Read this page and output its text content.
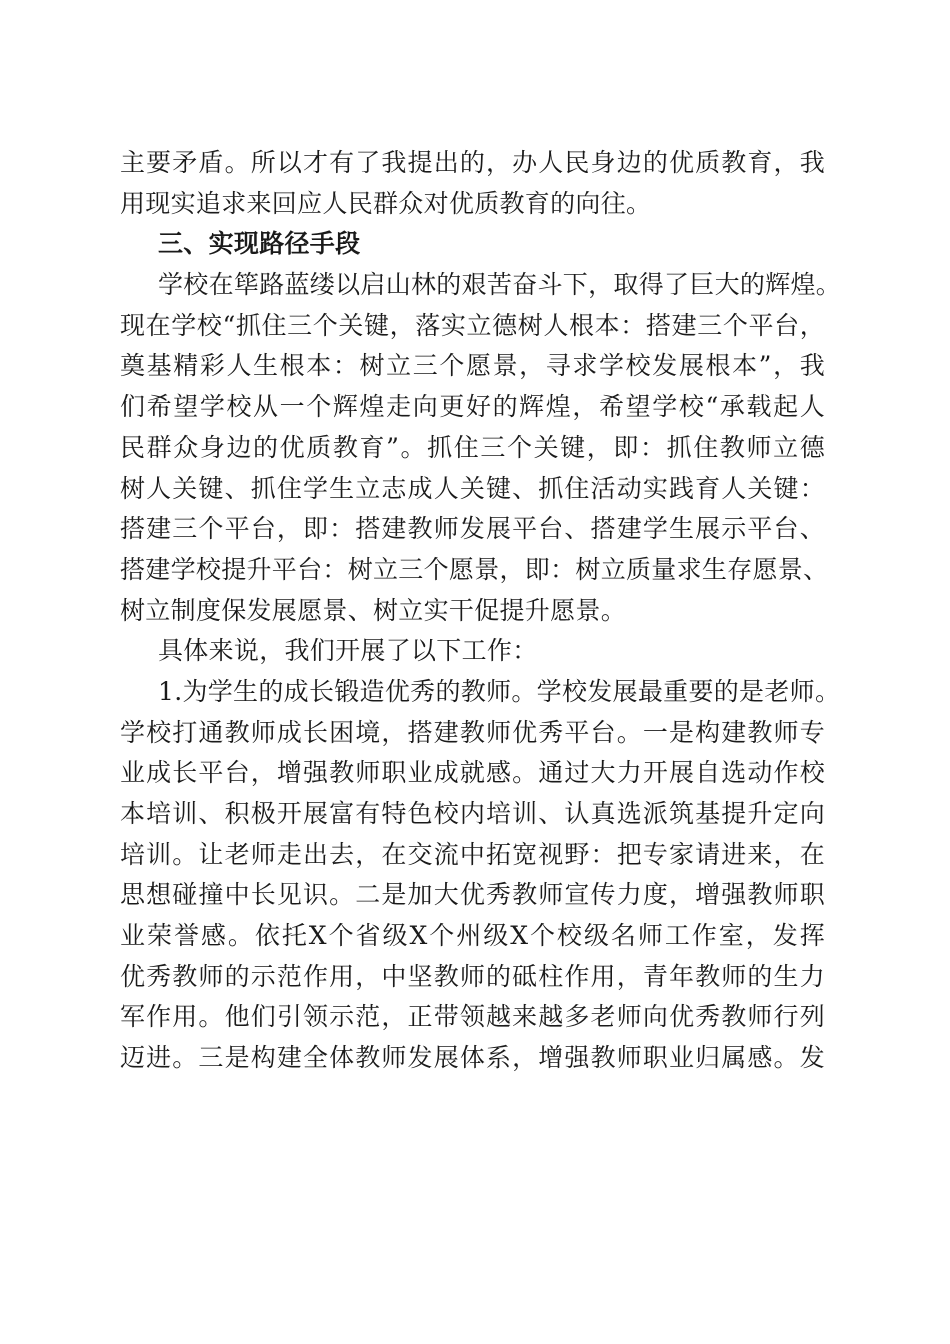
主要矛盾。所以才有了我提出的，办人民身边的优质教育，我
用现实追求来回应人民群众对优质教育的向往。
三、实现路径手段
学校在筚路蓝缕以启山林的艰苦奋斗下，取得了巨大的辉煌。
现在学校“抓住三个关键，落实立德树人根本：搭建三个平台，
奠基精彩人生根本：树立三个愿景，寻求学校发展根本”，我
们希望学校从一个辉煌走向更好的辉煌，希望学校“承载起人
民群众身边的优质教育”。抓住三个关键，即：抓住教师立德
树人关键、抓住学生立志成人关键、抓住活动实践育人关键：
搭建三个平台，即：搭建教师发展平台、搭建学生展示平台、
搭建学校提升平台：树立三个愿景，即：树立质量求生存愿景、
树立制度保发展愿景、树立实干促提升愿景。
具体来说，我们开展了以下工作：
1.为学生的成长锻造优秀的教师。学校发展最重要的是老师。
学校打通教师成长困境，搭建教师优秀平台。一是构建教师专
业成长平台，增强教师职业成就感。通过大力开展自选动作校
本培训、积极开展富有特色校内培训、认真选派筑基提升定向
培训。让老师走出去，在交流中拓宽视野：把专家请进来，在
思想碰撞中长见识。二是加大优秀教师宣传力度，增强教师职
业荣誉感。依托X个省级X个州级X个校级名师工作室，发挥
优秀教师的示范作用，中坚教师的砥柱作用，青年教师的生力
军作用。他们引领示范，正带领越来越多老师向优秀教师行列
迈进。三是构建全体教师发展体系，增强教师职业归属感。发
